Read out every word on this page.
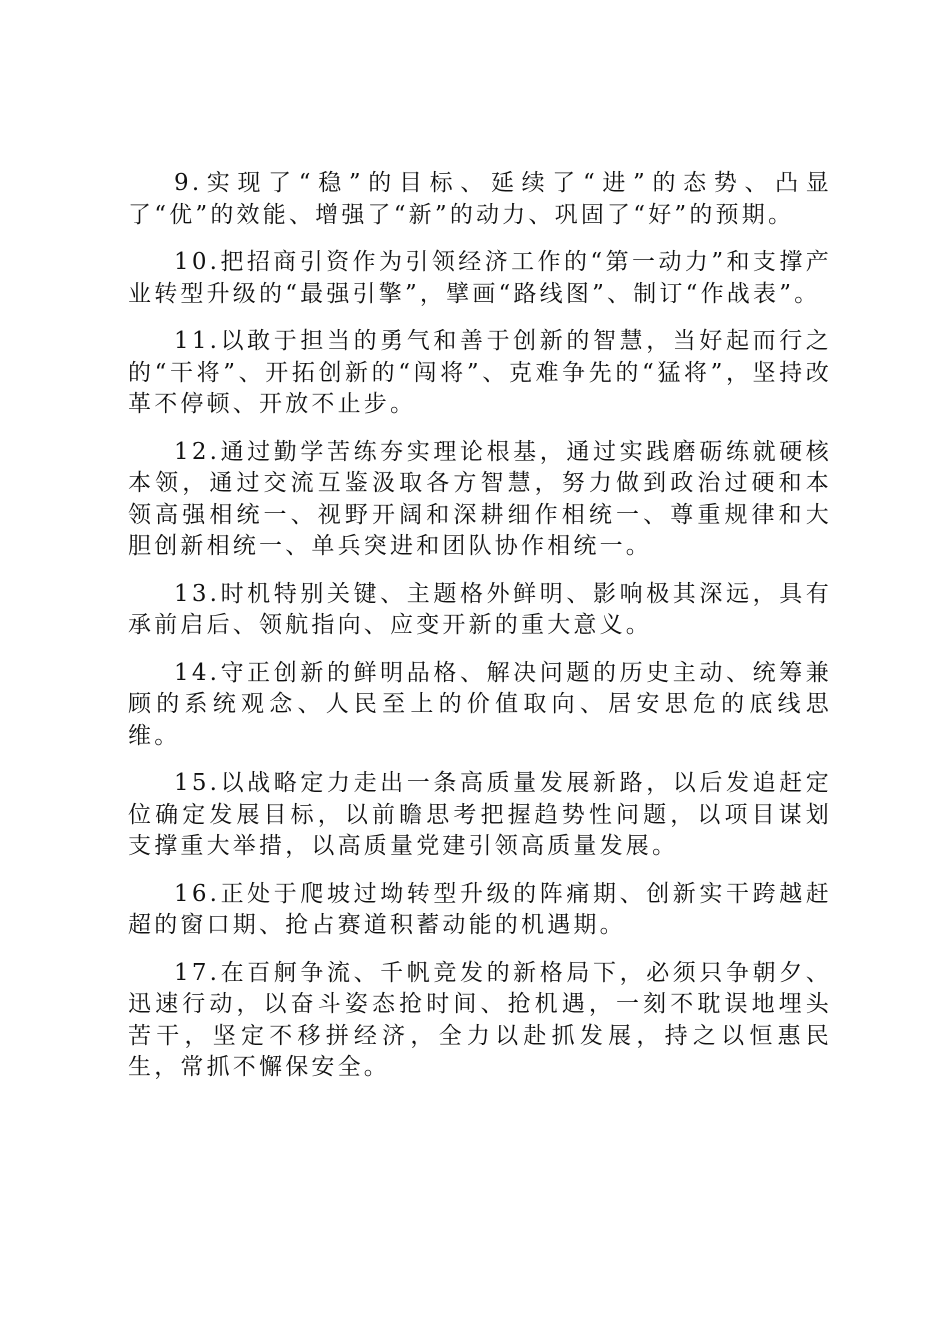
9.实现了“稳”的目标、延续了“进”的态势、凸显了“优”的效能、增强了“新”的动力、巩固了“好”的预期。

10.把招商引资作为引领经济工作的“第一动力”和支撑产业转型升级的“最强引擎”，擘画“路线图”、制订“作战表”。

11.以敢于担当的勇气和善于创新的智慧，当好起而行之的“干将”、开拓创新的“闯将”、克难争先的“猛将”，坚持改革不停顿、开放不止步。

12.通过勤学苦练夯实理论根基，通过实践磨砺练就硬核本领，通过交流互鉴汲取各方智慧，努力做到政治过硬和本领高强相统一、视野开阔和深耕细作相统一、尊重规律和大胆创新相统一、单兵突进和团队协作相统一。

13.时机特别关键、主题格外鲜明、影响极其深远，具有承前启后、领航指向、应变开新的重大意义。

14.守正创新的鲜明品格、解决问题的历史主动、统筹兼顾的系统观念、人民至上的价值取向、居安思危的底线思维。

15.以战略定力走出一条高质量发展新路，以后发追赶定位确定发展目标，以前瞻思考把握趋势性问题，以项目谋划支撑重大举措，以高质量党建引领高质量发展。

16.正处于爬坡过坳转型升级的阵痛期、创新实干跨越赶超的窗口期、抢占赛道积蓄动能的机遇期。

17.在百舸争流、千帆竞发的新格局下，必须只争朝夕、迅速行动，以奋斗姿态抢时间、抢机遇，一刻不耽误地埋头苦干，坚定不移拼经济，全力以赴抓发展，持之以恒惠民生，常抓不懈保安全。
